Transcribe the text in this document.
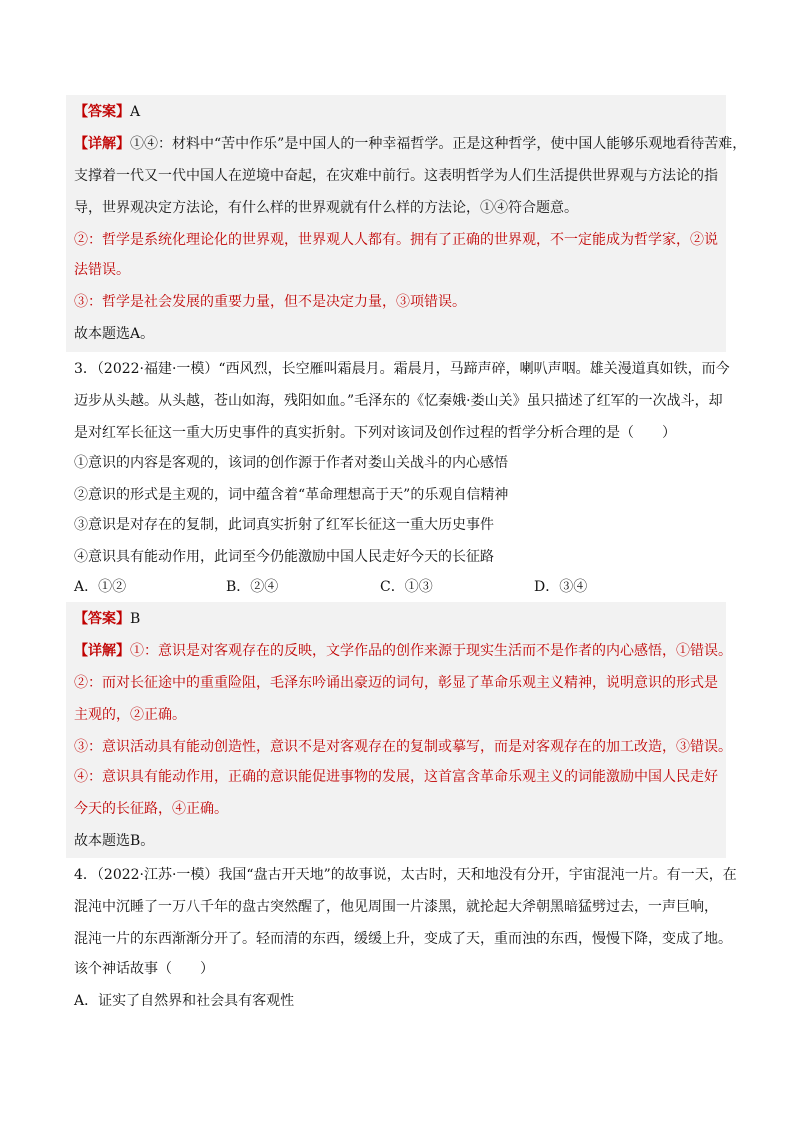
【答案】A
【详解】①④：材料中“苦中作乐”是中国人的一种幸福哲学。正是这种哲学，使中国人能够乐观地看待苦难，
支撑着一代又一代中国人在逆境中奋起，在灾难中前行。这表明哲学为人们生活提供世界观与方法论的指
导，世界观决定方法论，有什么样的世界观就有什么样的方法论，①④符合题意。
②：哲学是系统化理论化的世界观，世界观人人都有。拥有了正确的世界观，不一定能成为哲学家，②说
法错误。
③：哲学是社会发展的重要力量，但不是决定力量，③项错误。
故本题选A。
3．（2022·福建·一模）“西风烈，长空雁叫霜晨月。霜晨月，马蹄声碎，喇叭声咽。雄关漫道真如铁，而今
迈步从头越。从头越，苍山如海，残阳如血。”毛泽东的《忆秦娥·娄山关》虽只描述了红军的一次战斗，却
是对红军长征这一重大历史事件的真实折射。下列对该词及创作过程的哲学分析合理的是（　　）
①意识的内容是客观的，该词的创作源于作者对娄山关战斗的内心感悟
②意识的形式是主观的，词中蕴含着“革命理想高于天”的乐观自信精神
③意识是对存在的复制，此词真实折射了红军长征这一重大历史事件
④意识具有能动作用，此词至今仍能激励中国人民走好今天的长征路
A．①②	B．②④	C．①③	D．③④
【答案】B
【详解】①：意识是对客观存在的反映，文学作品的创作来源于现实生活而不是作者的内心感悟，①错误。
②：而对长征途中的重重险阻，毛泽东吟诵出豪迈的词句，彰显了革命乐观主义精神，说明意识的形式是
主观的，②正确。
③：意识活动具有能动创造性，意识不是对客观存在的复制或摹写，而是对客观存在的加工改造，③错误。
④：意识具有能动作用，正确的意识能促进事物的发展，这首富含革命乐观主义的词能激励中国人民走好
今天的长征路，④正确。
故本题选B。
4．（2022·江苏·一模）我国“盘古开天地”的故事说，太古时，天和地没有分开，宇宙混沌一片。有一天，在
混沌中沉睡了一万八千年的盘古突然醒了，他见周围一片漆黑，就抡起大斧朝黑暗猛劈过去，一声巨响，
混沌一片的东西渐渐分开了。轻而清的东西，缓缓上升，变成了天，重而浊的东西，慢慢下降，变成了地。
该个神话故事（　　）
A．证实了自然界和社会具有客观性
